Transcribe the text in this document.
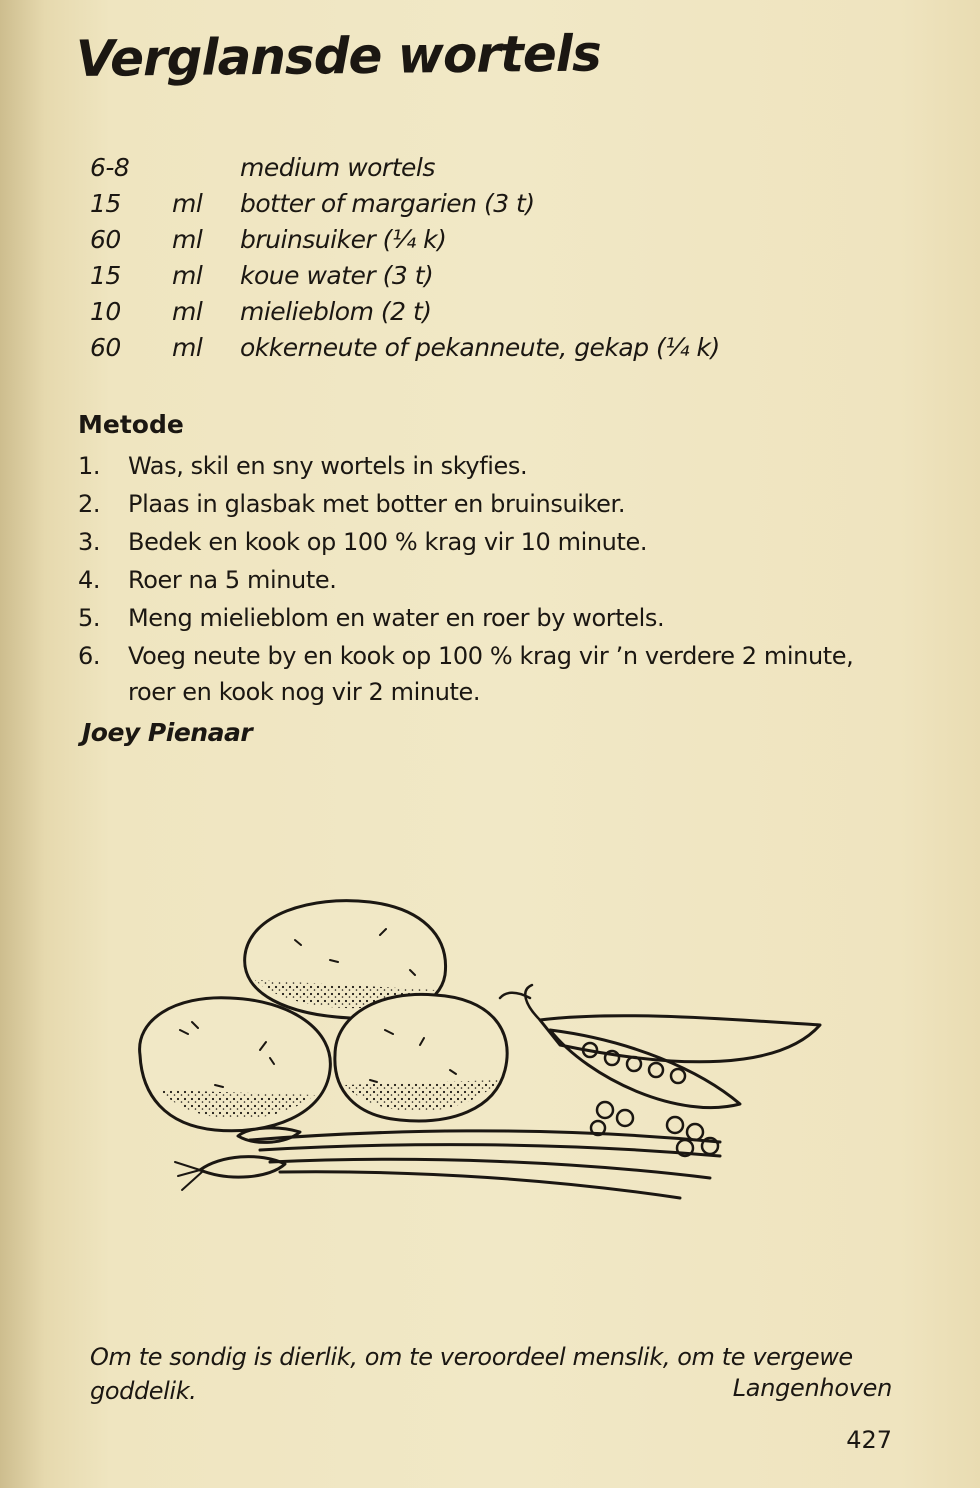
Verglansde wortels
6-8	medium wortels
15	ml botter of margarien (3 t)
60	ml bruinsuiker (¼ k)
15	ml koue water (3 t)
10	ml mielieblom (2 t)
60	ml okkerneute of pekanneute, gekap (¼ k)
Metode
1.	Was, skil en sny wortels in skyfies.
2.	Plaas in glasbak met botter en bruinsuiker.
3.	Bedek en kook op 100 % krag vir 10 minute.
4.	Roer na 5 minute.
5.	Meng mielieblom en water en roer by wortels.
6.	Voeg neute by en kook op 100 % krag vir ’n verdere 2 minute, roer en kook nog vir 2 minute.

Joey Pienaar

Om te sondig is dierlik, om te veroordeel menslik, om te vergewe goddelik.	Langenhoven

427
